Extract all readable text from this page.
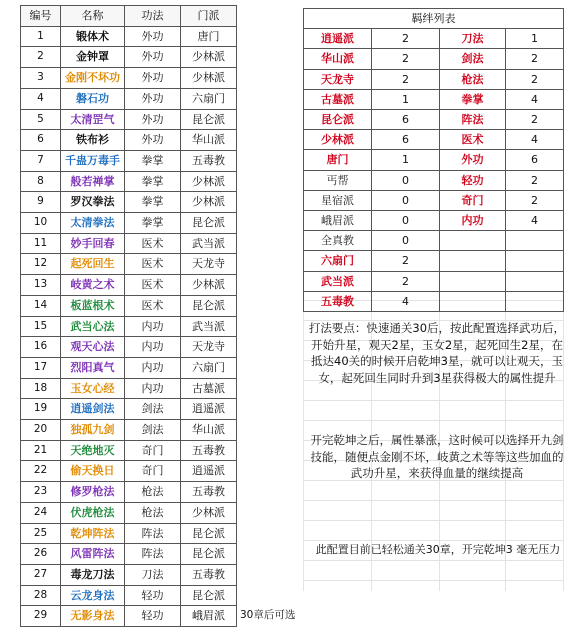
编号	名称	功法	门派	
1	锻体术	外功	唐门	
2	金钟罩	外功	少林派	
3	金刚不坏功	外功	少林派	
4	磐石功	外功	六扇门	
5	太清罡气	外功	昆仑派	
6	铁布衫	外功	华山派	
7	千蛊万毒手	拳掌	五毒教	
8	般若禅掌	拳掌	少林派	
9	罗汉拳法	拳掌	少林派	
10	太清拳法	拳掌	昆仑派	
11	妙手回春	医术	武当派	
12	起死回生	医术	天龙寺	
13	岐黄之术	医术	少林派	
14	板蓝根术	医术	昆仑派	
15	武当心法	内功	武当派	
16	观天心法	内功	天龙寺	
17	烈阳真气	内功	六扇门	
18	玉女心经	内功	古墓派	
19	逍遥剑法	剑法	逍遥派	
20	独孤九剑	剑法	华山派	
21	天绝地灭	奇门	五毒教	
22	偷天换日	奇门	逍遥派	
23	修罗枪法	枪法	五毒教	
24	伏虎枪法	枪法	少林派	
25	乾坤阵法	阵法	昆仑派	
26	风雷阵法	阵法	昆仑派	
27	毒龙刀法	刀法	五毒教	
28	云龙身法	轻功	昆仑派	
29	无影身法	轻功	峨眉派	30章后可选
羁绊列表			
逍遥派	2	刀法	1
华山派	2	剑法	2
天龙寺	2	枪法	2
古墓派	1	拳掌	4
昆仑派	6	阵法	2
少林派	6	医术	4
唐门	1	外功	6
丐帮	0	轻功	2
星宿派	0	奇门	2
峨眉派	0	内功	4
全真教	0		
六扇门	2		
武当派	2		
五毒教	4		
打法要点：快速通关30后，按此配置选择武功后，开始升星，观天2星，玉女2星，起死回生2星，在抵达40关的时候开启乾坤3星，就可以让观天，玉女，起死回生同时升到3星获得极大的属性提升
开完乾坤之后，属性暴涨，这时候可以选择开九剑技能，随便点金刚不坏，岐黄之术等等这些加血的武功升星，来获得血量的继续提高
此配置目前已轻松通关30章，开完乾坤3 毫无压力
